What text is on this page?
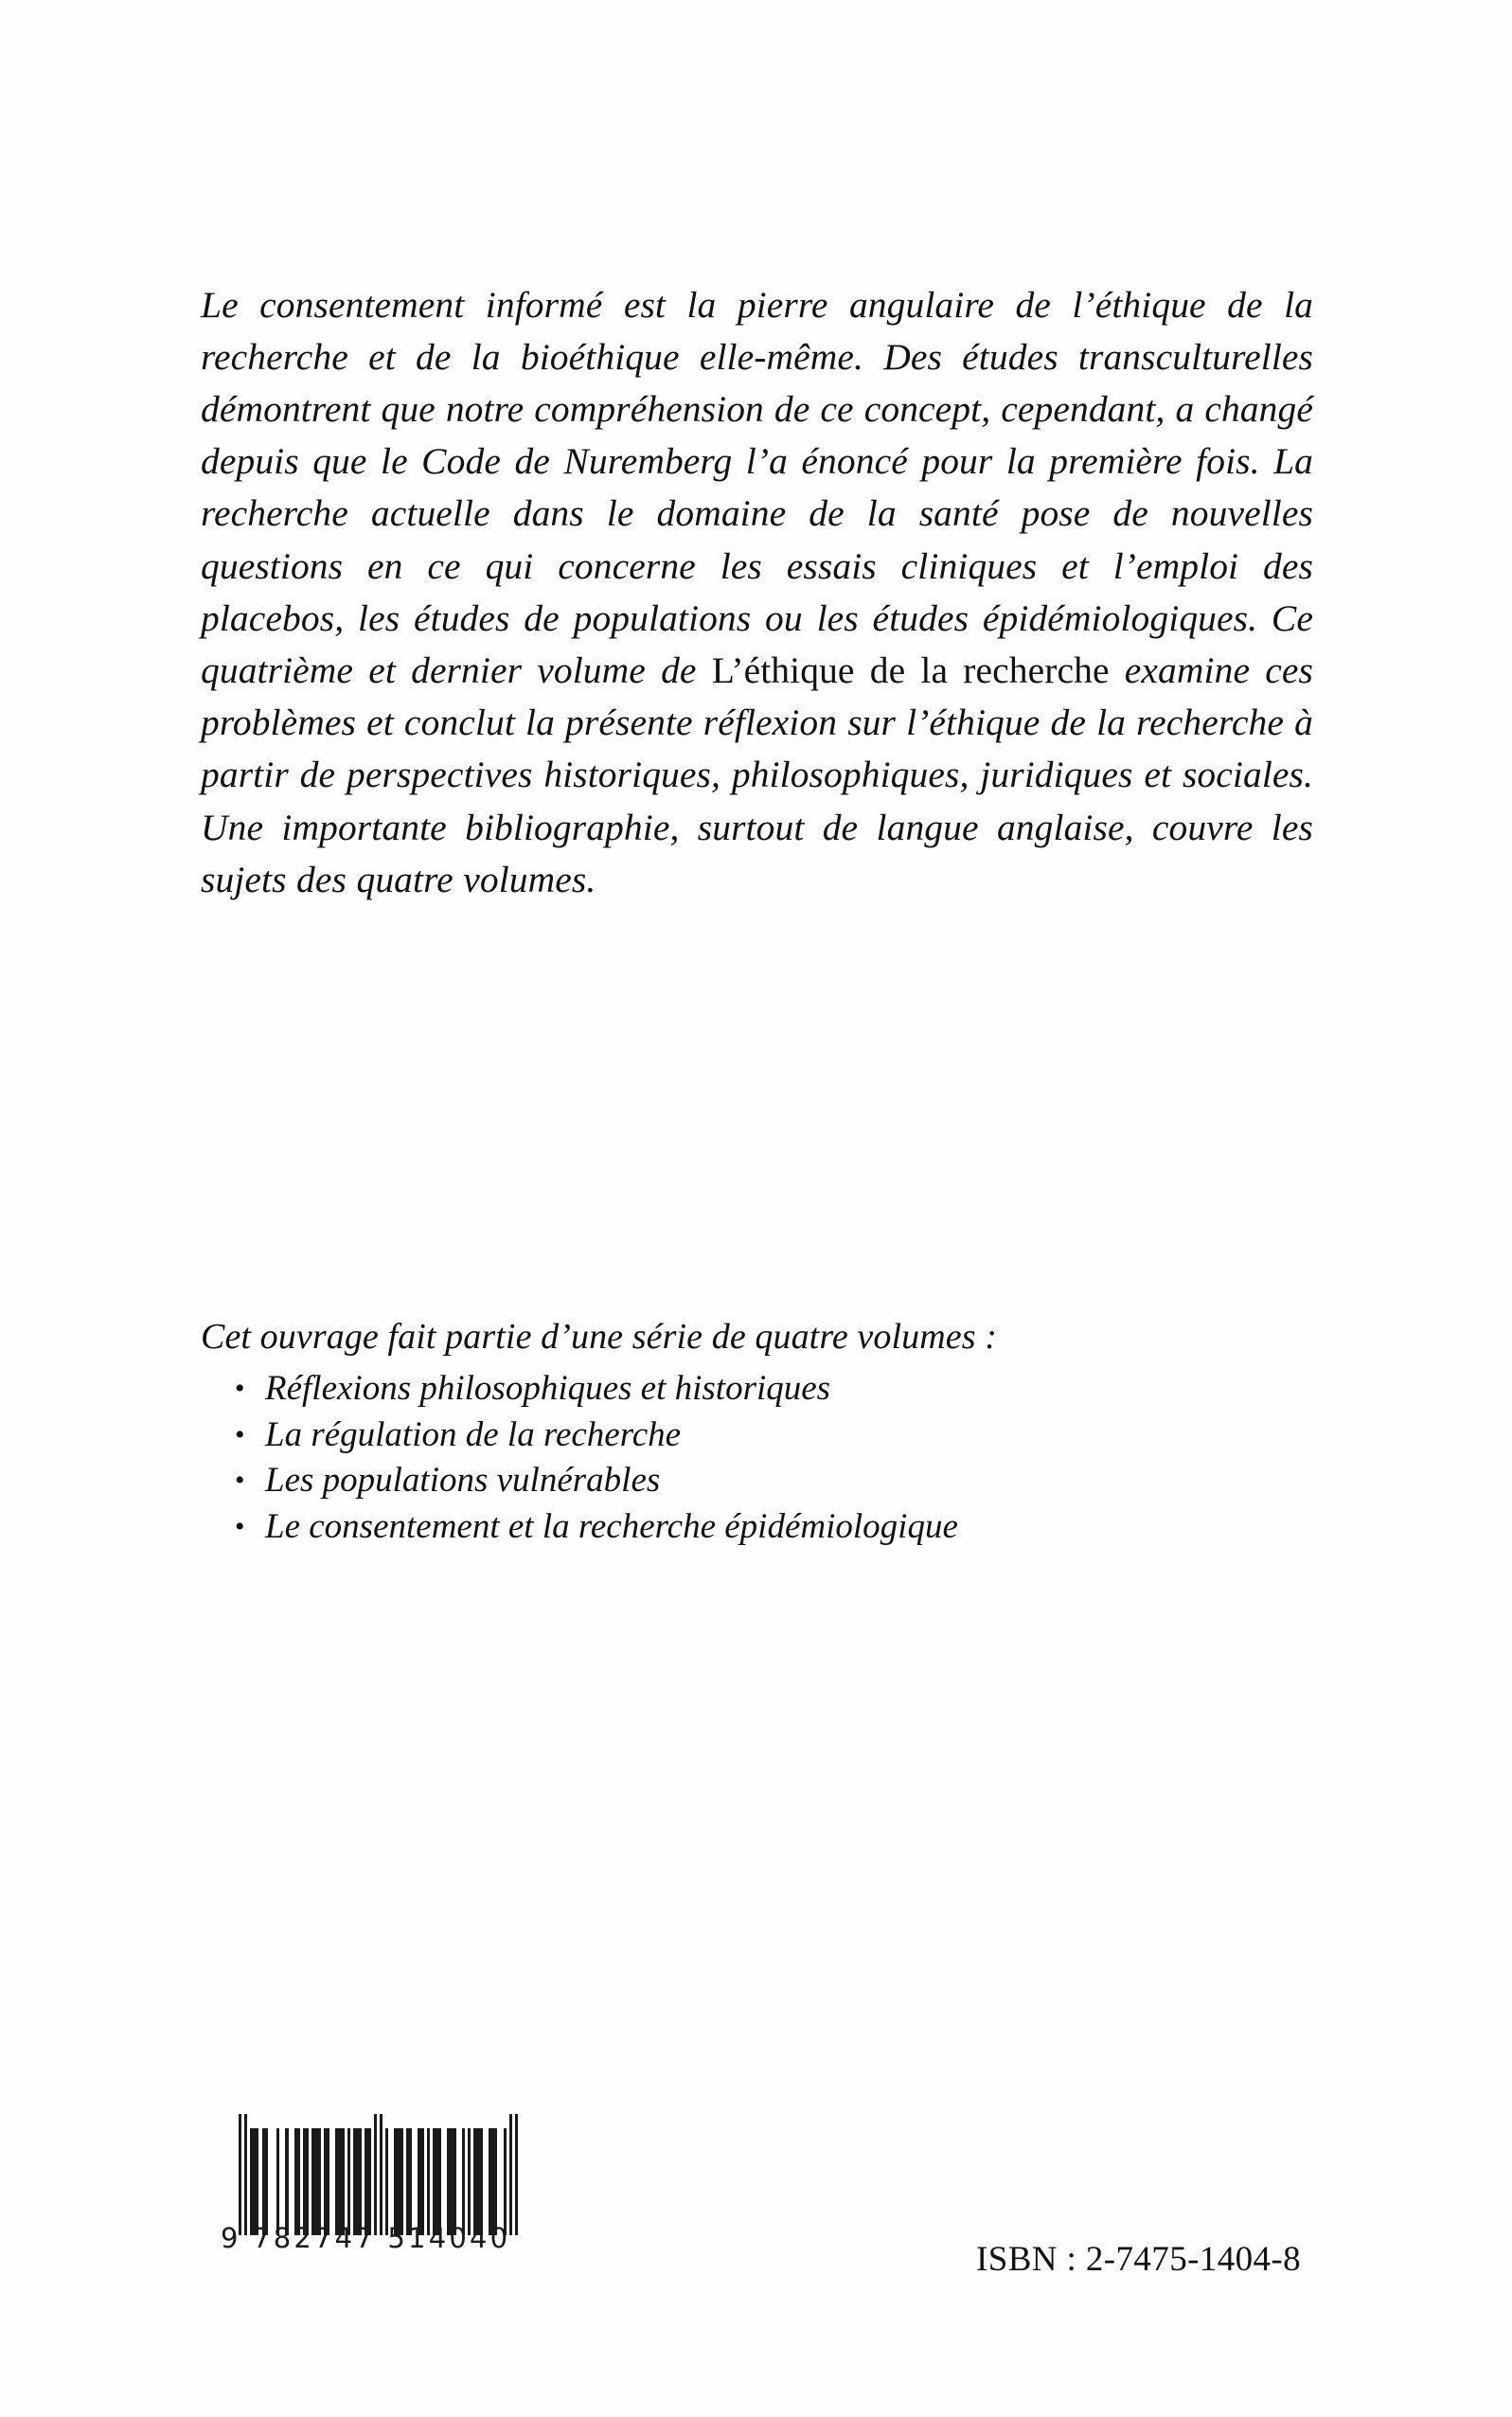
Le consentement informé est la pierre angulaire de l’éthique de la recherche et de la bioéthique elle-même. Des études transculturelles démontrent que notre compréhension de ce concept, cependant, a changé depuis que le Code de Nuremberg l’a énoncé pour la première fois. La recherche actuelle dans le domaine de la santé pose de nouvelles questions en ce qui concerne les essais cliniques et l’emploi des placebos, les études de populations ou les études épidémiologiques. Ce quatrième et dernier volume de L’éthique de la recherche examine ces problèmes et conclut la présente réflexion sur l’éthique de la recherche à partir de perspectives historiques, philosophiques, juridiques et sociales. Une importante bibliographie, surtout de langue anglaise, couvre les sujets des quatre volumes.

Cet ouvrage fait partie d’une série de quatre volumes :

• Réflexions philosophiques et historiques
• La régulation de la recherche
• Les populations vulnérables
• Le consentement et la recherche épidémiologique
9 782747 514040
ISBN : 2-7475-1404-8
